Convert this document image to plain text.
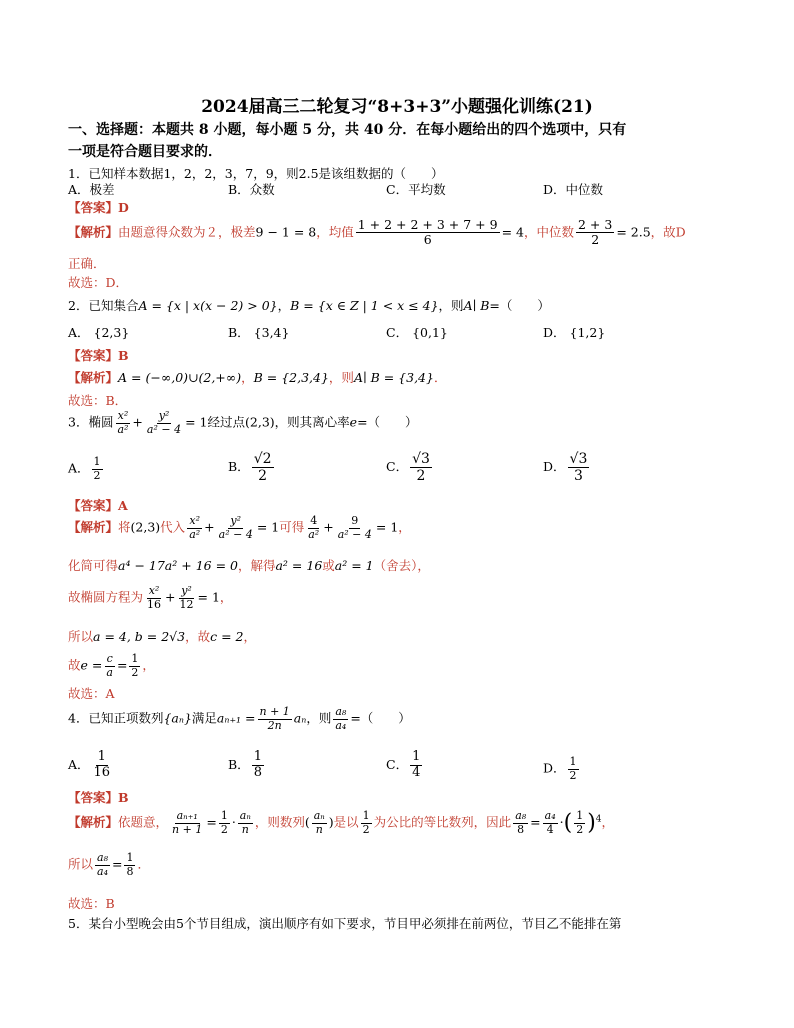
2024届高三二轮复习“8+3+3”小题强化训练(21)
一、选择题：本题共 8 小题，每小题 5 分，共 40 分．在每小题给出的四个选项中，只有
一项是符合题目要求的．
1．已知样本数据1，2，2，3，7，9，则2.5是该组数据的（　　）
A．极差	B．众数	C．平均数	D．中位数
【答案】D
【解析】由题意得众数为２，极差9 − 1 = 8，均值 $\frac{1 + 2 + 2 + 3 + 7 + 9}{6} = 4$，中位数 $\frac{2 + 3}{2} = 2.5$，故D
正确．
故选：D．
2．已知集合A = {x | x(x − 2) > 0}，B = {x ∈ Z | 1 < x ≤ 4}，则A∣ B=（　　）
A． {2,3}	B． {3,4}	C． {0,1}	D． {1,2}
【答案】B
【解析】A = (−∞,0)∪(2,+∞)，B = {2,3,4}，则A∣ B = {3,4}．
故选：B．
3．椭圆 $\frac{\text{x²}}{\text{a²}} + \frac{\text{y²}}{\text{a² − 4}} = 1$经过点(2,3)，则其离心率e=（　　）
A． $\frac{1}{2}$	B． $\frac{√2}{2}$	C． $\frac{√3}{2}$	D． $\frac{√3}{3}$
【答案】A
【解析】将(2,3)代入 $\frac{\text{x²}}{\text{a²}} + \frac{\text{y²}}{\text{a² − 4}} = 1$可得 $\frac{4}{\text{a²}} + \frac{9}{\text{a² − 4}} = 1$，
化简可得a⁴ − 17a² + 16 = 0，解得a² = 16或a² = 1（舍去），
故椭圆方程为 $\frac{\text{x²}}{16} + \frac{\text{y²}}{12} = 1$，
所以a = 4, b = 2√3，故c = 2，
故$e = \frac{c}{a} = \frac{1}{2}$ ，
故选：A
4．已知正项数列{aₙ}满足$a_{n+1} = \frac{n + 1}{2n}$ aₙ，则 $\frac{\text{a₈}}{\text{a₄}}$ =（　　）
A． $\frac{1}{16}$	B． $\frac{1}{8}$	C． $\frac{1}{4}$	D． $\frac{1}{2}$
【答案】B
【解析】依题意， $\frac{\text{aₙ₊₁}}{n + 1} = \frac{1}{2} \cdot \frac{\text{aₙ}}{n}$ ，则数列( $\frac{\text{aₙ}}{n}$ )是以 $\frac{1}{2}$ 为公比的等比数列，因此 $\frac{\text{a₈}}{8} = \frac{\text{a₄}}{4}$ ·( $\frac{1}{2} )^4$，
所以 $\frac{\text{a₈}}{\text{a₄}} = \frac{1}{8}$ ．
故选：B
5．某台小型晚会由5个节目组成，演出顺序有如下要求，节目甲必须排在前两位，节目乙不能排在第
